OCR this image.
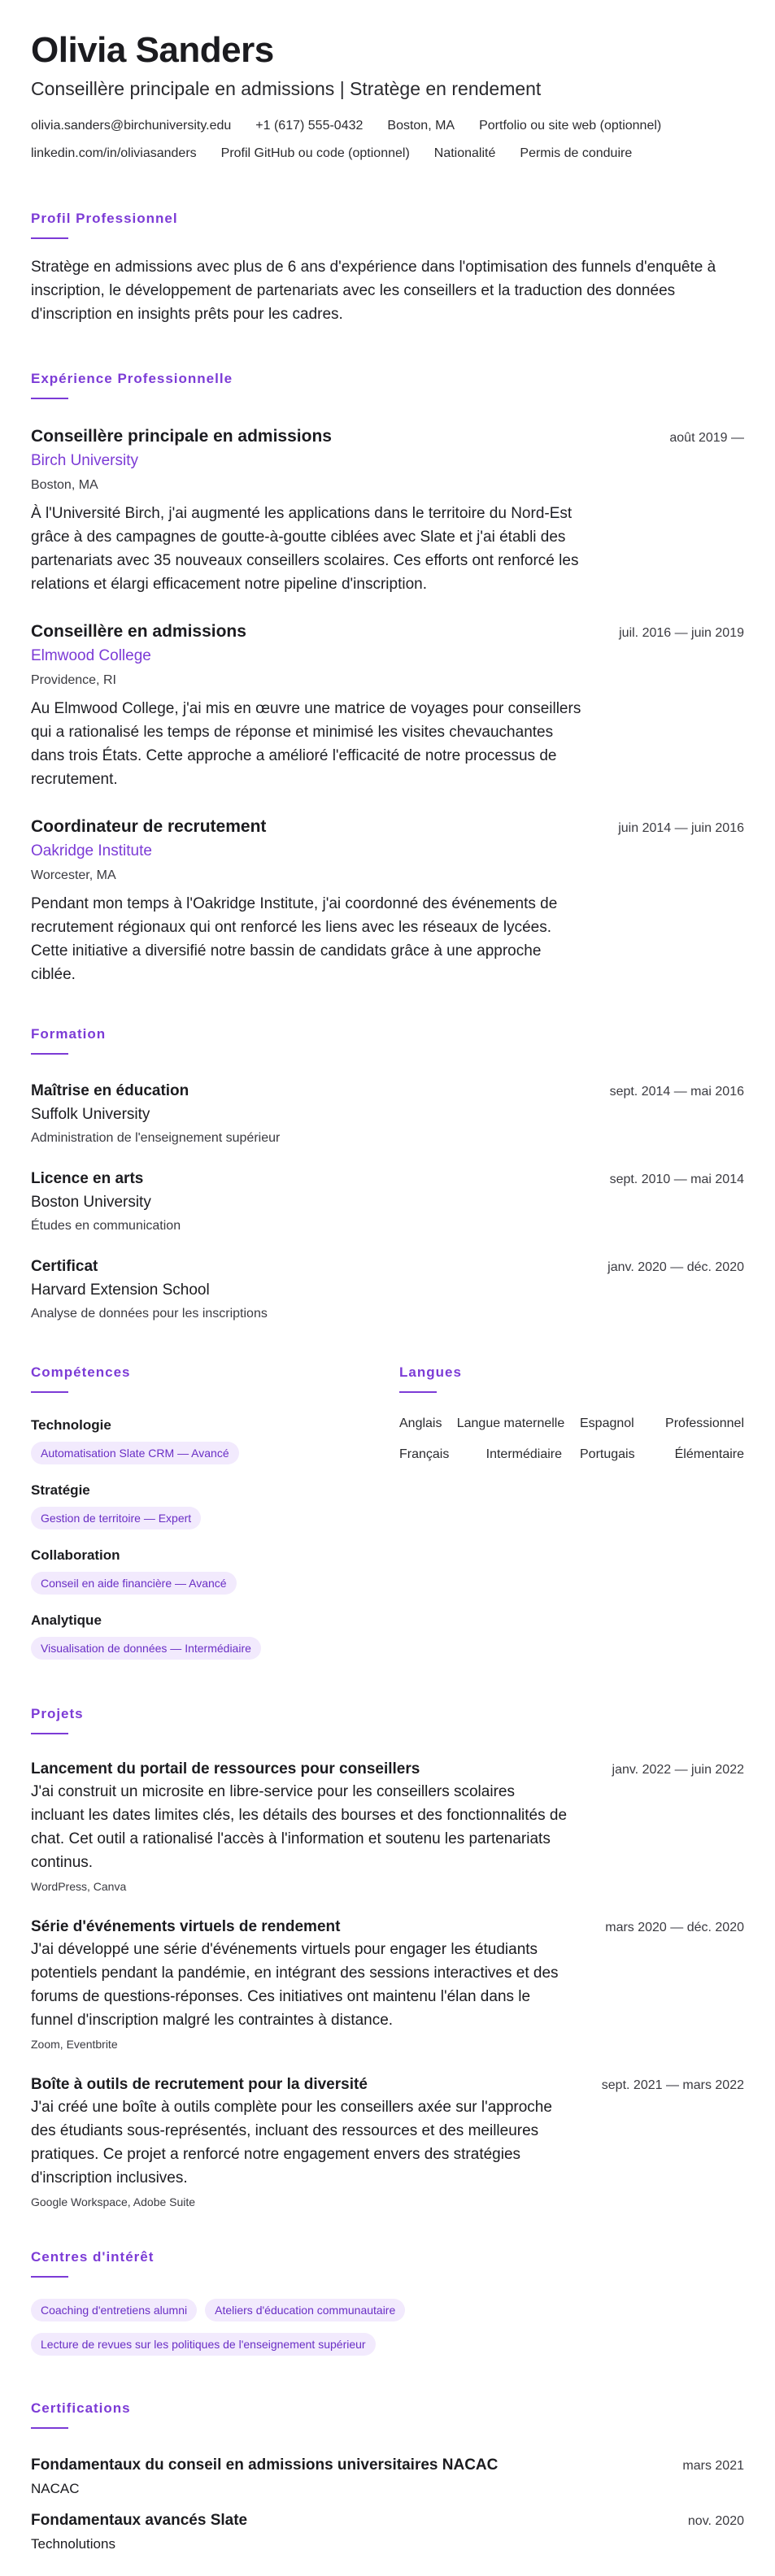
Olivia Sanders

Conseillère principale en admissions | Stratège en rendement

olivia.sanders@birchuniversity.edu +1 (617) 555-0432 Boston, MA Portfolio ou site web (optionnel)
linkedin.com/in/oliviasanders Profil GitHub ou code (optionnel) Nationalité Permis de conduire
Profil Professionnel

Stratège en admissions avec plus de 6 ans d'expérience dans l'optimisation des funnels d'enquête à inscription, le développement de partenariats avec les conseillers et la traduction des données d'inscription en insights prêts pour les cadres.

Expérience Professionnelle
Conseillère principale en admissions	août 2019 —

Birch University

Boston, MA

À l'Université Birch, j'ai augmenté les applications dans le territoire du Nord-Est grâce à des campagnes de goutte-à-goutte ciblées avec Slate et j'ai établi des partenariats avec 35 nouveaux conseillers scolaires. Ces efforts ont renforcé les relations et élargi efficacement notre pipeline d'inscription.

Conseillère en admissions	juil. 2016 — juin 2019

Elmwood College

Providence, RI

Au Elmwood College, j'ai mis en œuvre une matrice de voyages pour conseillers qui a rationalisé les temps de réponse et minimisé les visites chevauchantes dans trois États. Cette approche a amélioré l'efficacité de notre processus de recrutement.

Coordinateur de recrutement	juin 2014 — juin 2016

Oakridge Institute

Worcester, MA

Pendant mon temps à l'Oakridge Institute, j'ai coordonné des événements de recrutement régionaux qui ont renforcé les liens avec les réseaux de lycées. Cette initiative a diversifié notre bassin de candidats grâce à une approche ciblée.

Formation
Maîtrise en éducation	sept. 2014 — mai 2016

Suffolk University

Administration de l'enseignement supérieur

Licence en arts	sept. 2010 — mai 2014

Boston University

Études en communication

Certificat	janv. 2020 — déc. 2020

Harvard Extension School

Analyse de données pour les inscriptions

Compétences
Technologie
Automatisation Slate CRM — Avancé
Stratégie
Gestion de territoire — Expert
Collaboration
Conseil en aide financière — Avancé
Analytique
Visualisation de données — Intermédiaire
Langues
Anglais	Langue maternelle	Espagnol	Professionnel
Français	Intermédiaire	Portugais	Élémentaire
Projets
Lancement du portail de ressources pour conseillers	janv. 2022 — juin 2022

J'ai construit un microsite en libre-service pour les conseillers scolaires incluant les dates limites clés, les détails des bourses et des fonctionnalités de chat. Cet outil a rationalisé l'accès à l'information et soutenu les partenariats continus.

WordPress, Canva

Série d'événements virtuels de rendement	mars 2020 — déc. 2020

J'ai développé une série d'événements virtuels pour engager les étudiants potentiels pendant la pandémie, en intégrant des sessions interactives et des forums de questions-réponses. Ces initiatives ont maintenu l'élan dans le funnel d'inscription malgré les contraintes à distance.

Zoom, Eventbrite

Boîte à outils de recrutement pour la diversité	sept. 2021 — mars 2022

J'ai créé une boîte à outils complète pour les conseillers axée sur l'approche des étudiants sous-représentés, incluant des ressources et des meilleures pratiques. Ce projet a renforcé notre engagement envers des stratégies d'inscription inclusives.

Google Workspace, Adobe Suite

Centres d'intérêt
Coaching d'entretiens alumni	Ateliers d'éducation communautaire
Lecture de revues sur les politiques de l'enseignement supérieur
Certifications
Fondamentaux du conseil en admissions universitaires NACAC	mars 2021

NACAC

Fondamentaux avancés Slate	nov. 2020

Technolutions
